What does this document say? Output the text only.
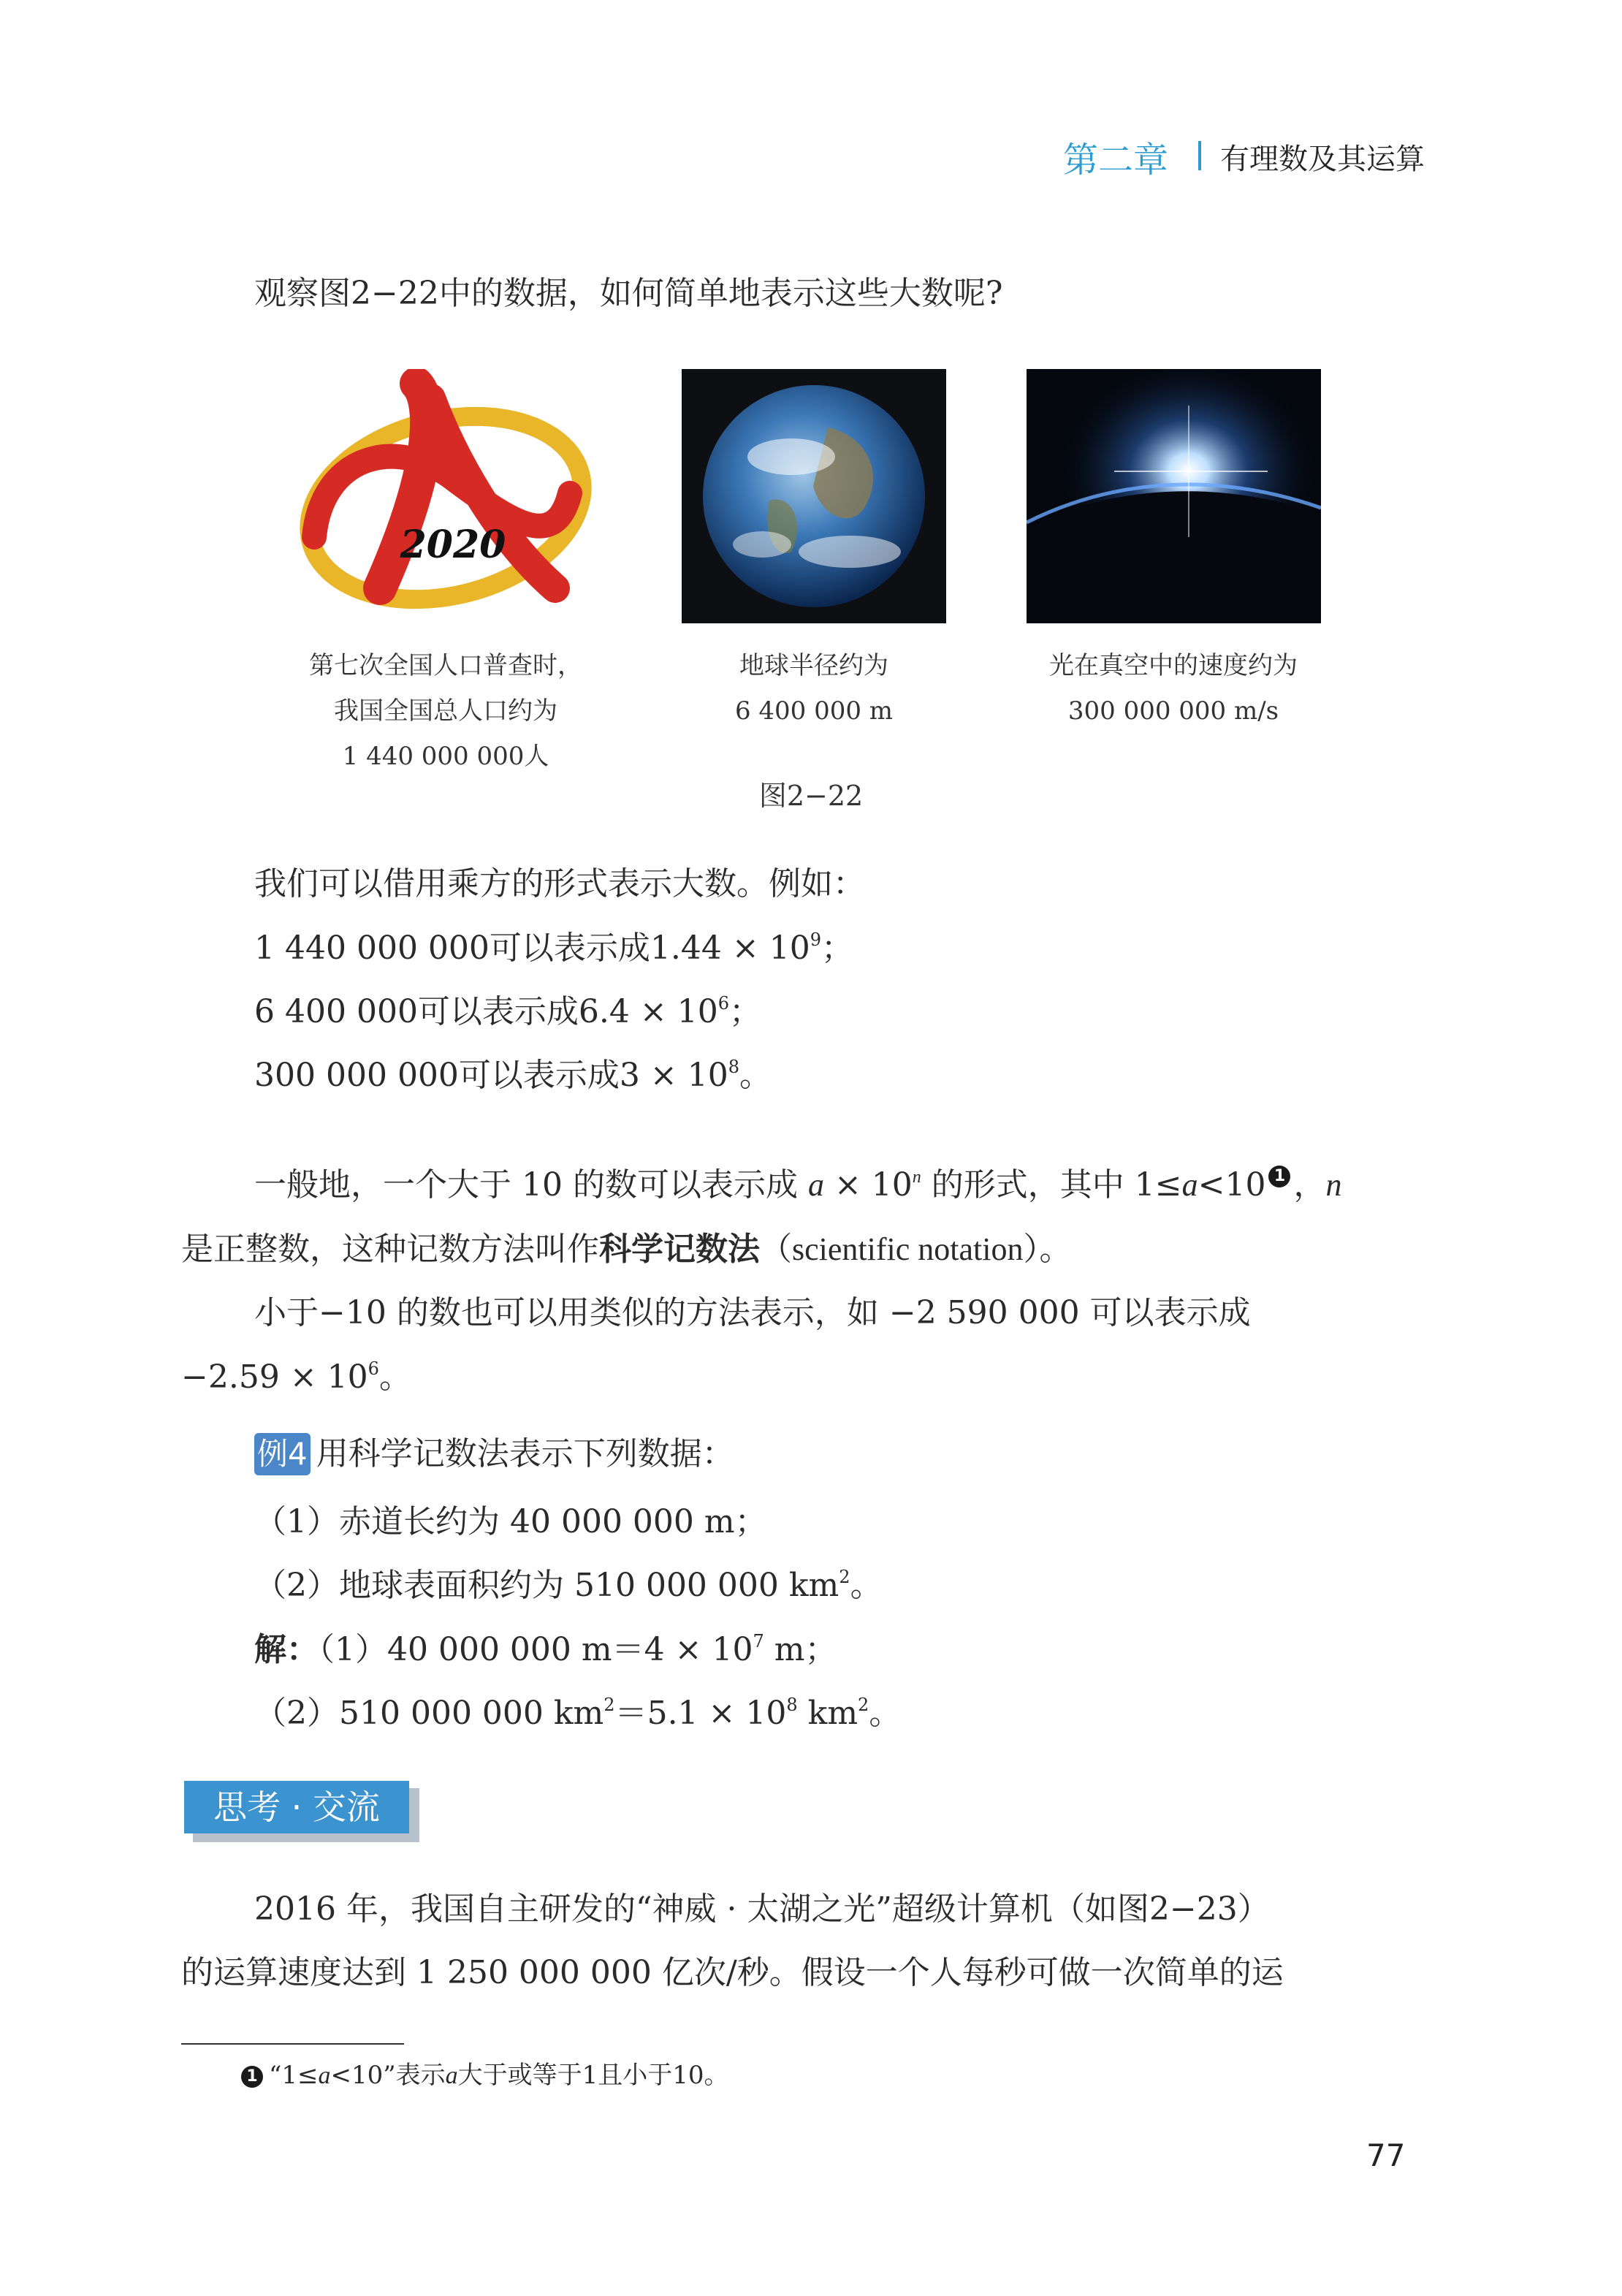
第二章 有理数及其运算
观察图2−22中的数据，如何简单地表示这些大数呢?
2020
第七次全国人口普查时，
我国全国总人口约为
1 440 000 000人
地球半径约为
6 400 000 m
光在真空中的速度约为
300 000 000 m/s
图2−22
我们可以借用乘方的形式表示大数。例如：
1 440 000 000可以表示成$1.44 \times 10^9$；
6 400 000可以表示成$6.4 \times 10^6$；
300 000 000可以表示成$3 \times 10^8$。
一般地，一个大于 10 的数可以表示成 $a \times 10^n$ 的形式，其中 1≤a<10 1 ，n
是正整数，这种记数方法叫作科学记数法（scientific notation）。
小于−10 的数也可以用类似的方法表示，如 −2 590 000 可以表示成
$-2.59 \times 10^6$。
例4 用科学记数法表示下列数据：
（1）赤道长约为 40 000 000 m；
（2）地球表面积约为 510 000 000 $km^2$。
解：（1）40 000 000 $m=4 \times 10^7$ m；
（2）510 000 000 $km^2=5.1 \times 10^8$ $km^2$。
思考 · 交流
2016 年，我国自主研发的“神威 · 太湖之光”超级计算机（如图2−23）
的运算速度达到 1 250 000 000 亿次/秒。假设一个人每秒可做一次简单的运
1 “1≤a<10”表示a大于或等于1且小于10。
77
